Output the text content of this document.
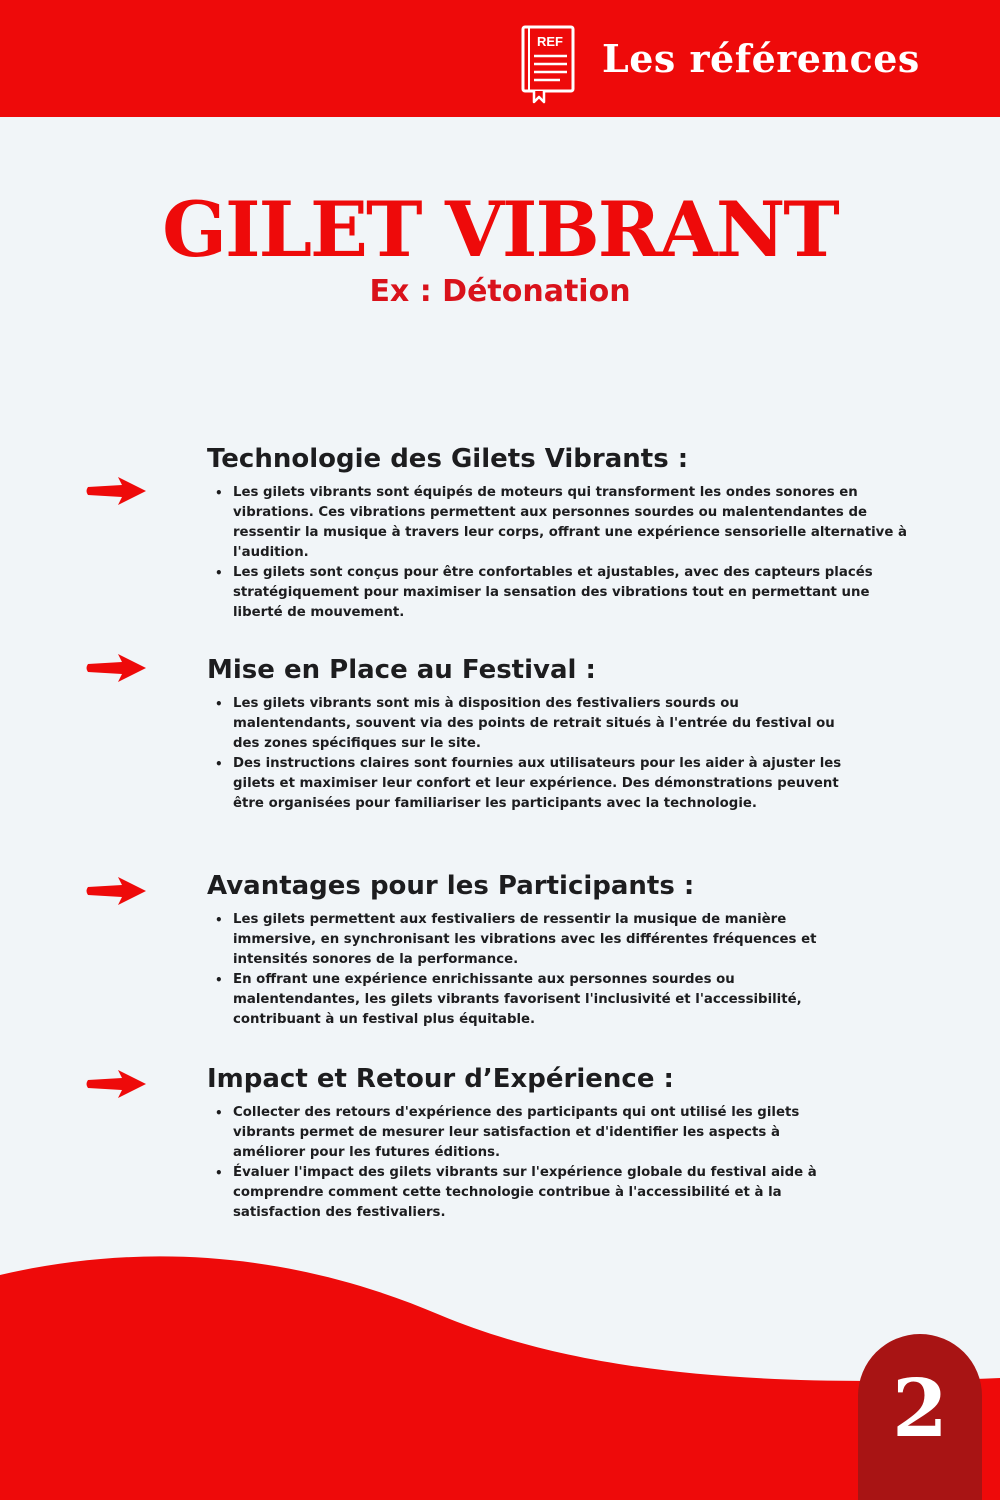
REF Les références
GILET VIBRANT
Ex : Détonation
Technologie des Gilets Vibrants :
• Les gilets vibrants sont équipés de moteurs qui transforment les ondes sonores en vibrations. Ces vibrations permettent aux personnes sourdes ou malentendantes de ressentir la musique à travers leur corps, offrant une expérience sensorielle alternative à l'audition.
• Les gilets sont conçus pour être confortables et ajustables, avec des capteurs placés stratégiquement pour maximiser la sensation des vibrations tout en permettant une liberté de mouvement.
Mise en Place au Festival :
• Les gilets vibrants sont mis à disposition des festivaliers sourds ou malentendants, souvent via des points de retrait situés à l'entrée du festival ou des zones spécifiques sur le site.
• Des instructions claires sont fournies aux utilisateurs pour les aider à ajuster les gilets et maximiser leur confort et leur expérience. Des démonstrations peuvent être organisées pour familiariser les participants avec la technologie.
Avantages pour les Participants :
• Les gilets permettent aux festivaliers de ressentir la musique de manière immersive, en synchronisant les vibrations avec les différentes fréquences et intensités sonores de la performance.
• En offrant une expérience enrichissante aux personnes sourdes ou malentendantes, les gilets vibrants favorisent l'inclusivité et l'accessibilité, contribuant à un festival plus équitable.
Impact et Retour d’Expérience :
• Collecter des retours d'expérience des participants qui ont utilisé les gilets vibrants permet de mesurer leur satisfaction et d'identifier les aspects à améliorer pour les futures éditions.
• Évaluer l'impact des gilets vibrants sur l'expérience globale du festival aide à comprendre comment cette technologie contribue à l'accessibilité et à la satisfaction des festivaliers.
2
